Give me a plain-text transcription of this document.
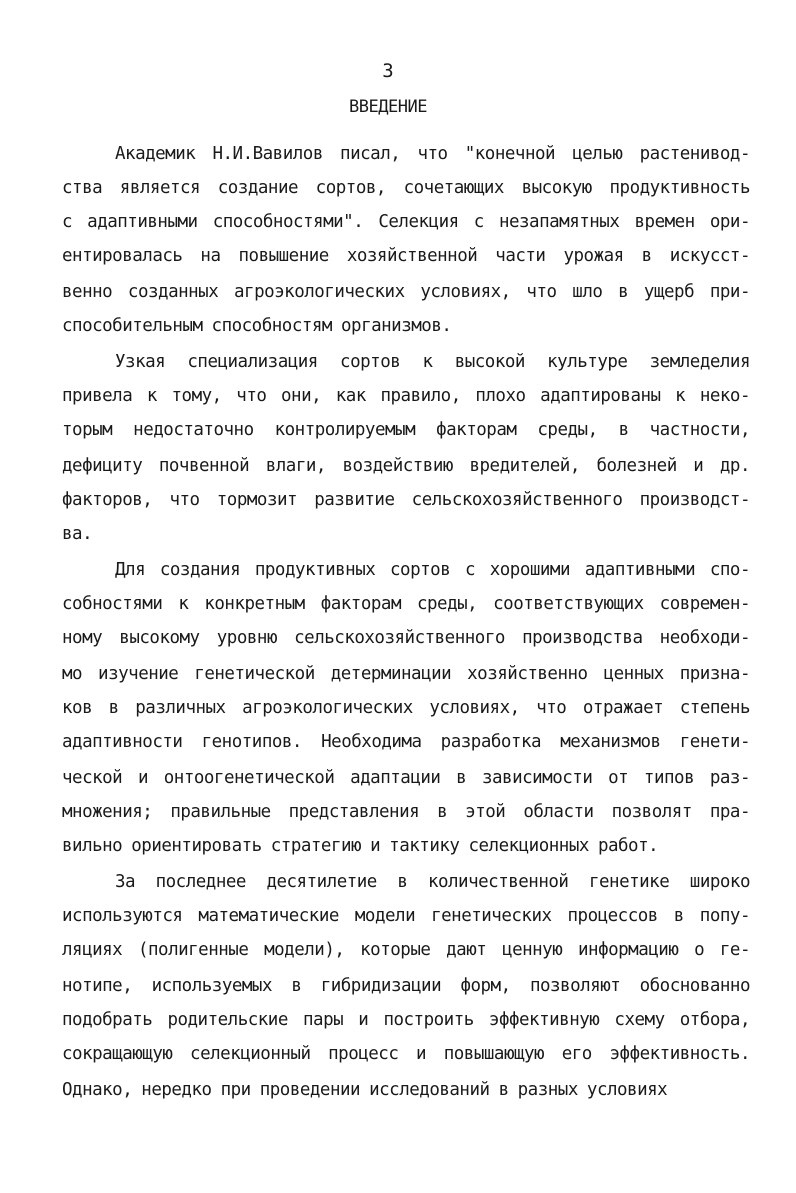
3
ВВЕДЕНИЕ
Академик Н.И.Вавилов писал, что "конечной целью растенивод-
ства является создание сортов, сочетающих высокую продуктивность
с адаптивными способностями". Селекция с незапамятных времен ори-
ентировалась на повышение хозяйственной части урожая в искусст-
венно созданных агроэкологических условиях, что шло в ущерб при-
способительным способностям организмов.
Узкая специализация сортов к высокой культуре земледелия
привела к тому, что они, как правило, плохо адаптированы к неко-
торым недостаточно контролируемым факторам среды, в частности,
дефициту почвенной влаги, воздействию вредителей, болезней и др.
факторов, что тормозит развитие сельскохозяйственного производст-
ва.
Для создания продуктивных сортов с хорошими адаптивными спо-
собностями к конкретным факторам среды, соответствующих современ-
ному высокому уровню сельскохозяйственного производства необходи-
мо изучение генетической детерминации хозяйственно ценных призна-
ков в различных агроэкологических условиях, что отражает степень
адаптивности генотипов. Необходима разработка механизмов генети-
ческой и онтоогенетической адаптации в зависимости от типов раз-
множения; правильные представления в этой области позволят пра-
вильно ориентировать стратегию и тактику селекционных работ.
За последнее десятилетие в количественной генетике широко
используются математические модели генетических процессов в попу-
ляциях (полигенные модели), которые дают ценную информацию о ге-
нотипе, используемых в гибридизации форм, позволяют обоснованно
подобрать родительские пары и построить эффективную схему отбора,
сокращающую селекционный процесс и повышающую его эффективность.
Однако, нередко при проведении исследований в разных условиях
